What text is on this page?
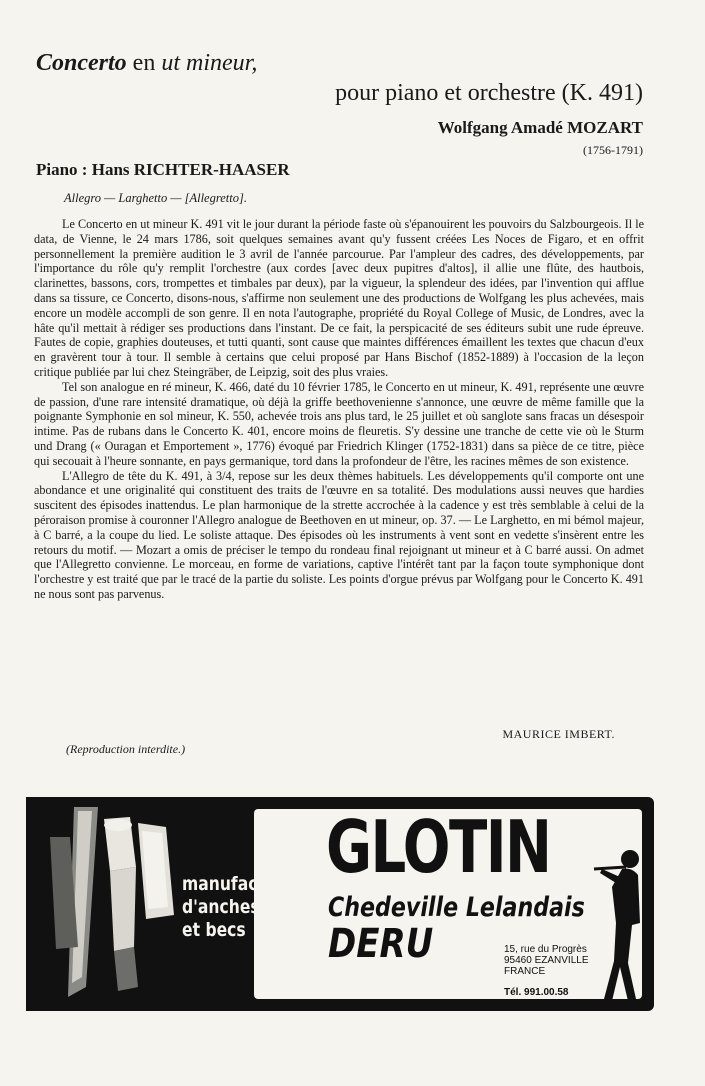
Concerto en ut mineur,
pour piano et orchestre (K. 491)
Wolfgang Amadé MOZART
(1756-1791)
Piano : Hans RICHTER-HAASER
Allegro — Larghetto — [Allegretto].

Le Concerto en ut mineur K. 491 vit le jour durant la période faste où s'épanouirent les pouvoirs du Salzbourgeois. Il le data, de Vienne, le 24 mars 1786, soit quelques semaines avant qu'y fussent créées Les Noces de Figaro, et en offrit personnellement la première audition le 3 avril de l'année parcourue. Par l'ampleur des cadres, des développements, par l'importance du rôle qu'y remplit l'orchestre (aux cordes [avec deux pupitres d'altos], il allie une flûte, des hautbois, clarinettes, bassons, cors, trompettes et timbales par deux), par la vigueur, la splendeur des idées, par l'invention qui afflue dans sa tissure, ce Concerto, disons-nous, s'affirme non seulement une des productions de Wolfgang les plus achevées, mais encore un modèle accompli de son genre. Il en nota l'autographe, propriété du Royal College of Music, de Londres, avec la hâte qu'il mettait à rédiger ses productions dans l'instant. De ce fait, la perspicacité de ses éditeurs subit une rude épreuve. Fautes de copie, graphies douteuses, et tutti quanti, sont cause que maintes différences émaillent les textes que chacun d'eux en gravèrent tour à tour. Il semble à certains que celui proposé par Hans Bischof (1852-1889) à l'occasion de la leçon critique publiée par lui chez Steingräber, de Leipzig, soit des plus vraies.

Tel son analogue en ré mineur, K. 466, daté du 10 février 1785, le Concerto en ut mineur, K. 491, représente une œuvre de passion, d'une rare intensité dramatique, où déjà la griffe beethovenienne s'annonce, une œuvre de même famille que la poignante Symphonie en sol mineur, K. 550, achevée trois ans plus tard, le 25 juillet et où sanglote sans fracas un désespoir intime. Pas de rubans dans le Concerto K. 401, encore moins de fleuretis. S'y dessine une tranche de cette vie où le Sturm und Drang (« Ouragan et Emportement », 1776) évoqué par Friedrich Klinger (1752-1831) dans sa pièce de ce titre, pièce qui secouait à l'heure sonnante, en pays germanique, tord dans la profondeur de l'être, les racines mêmes de son existence.

L'Allegro de tête du K. 491, à 3/4, repose sur les deux thèmes habituels. Les développements qu'il comporte ont une abondance et une originalité qui constituent des traits de l'œuvre en sa totalité. Des modulations aussi neuves que hardies suscitent des épisodes inattendus. Le plan harmonique de la strette accrochée à la cadence y est très semblable à celui de la péroraison promise à couronner l'Allegro analogue de Beethoven en ut mineur, op. 37. — Le Larghetto, en mi bémol majeur, à C barré, a la coupe du lied. Le soliste attaque. Des épisodes où les instruments à vent sont en vedette s'insèrent entre les retours du motif. — Mozart a omis de préciser le tempo du rondeau final rejoignant ut mineur et à C barré aussi. On admet que l'Allegretto convienne. Le morceau, en forme de variations, captive l'intérêt tant par la façon toute symphonique dont l'orchestre y est traité que par le tracé de la partie du soliste. Les points d'orgue prévus par Wolfgang pour le Concerto K. 491 ne nous sont pas parvenus.

MAURICE IMBERT.
(Reproduction interdite.)
manufacture
d'anches
et becs
GLOTIN
Chedeville Lelandais
DERU	15, rue du Progrès
95460 EZANVILLE
FRANCE
Tél. 991.00.58
